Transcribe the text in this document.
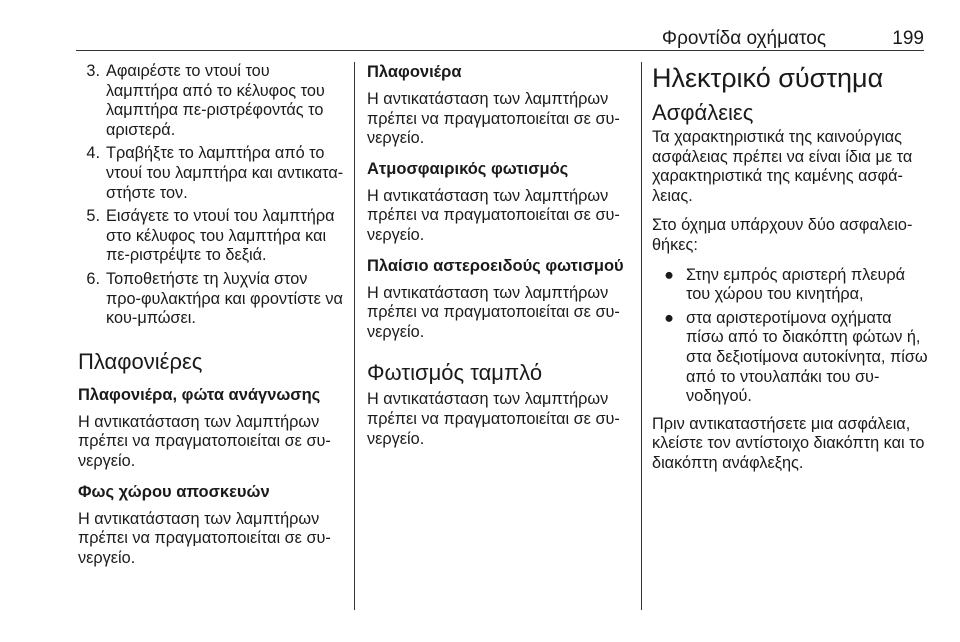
Φροντίδα οχήματος	199
3. Αφαιρέστε το ντουί του λαμπτήρα από το κέλυφος του λαμπτήρα πε-ριστρέφοντάς το αριστερά.
4. Τραβήξτε το λαμπτήρα από το ντουί του λαμπτήρα και αντικατα-στήστε τον.
5. Εισάγετε το ντουί του λαμπτήρα στο κέλυφος του λαμπτήρα και πε-ριστρέψτε το δεξιά.
6. Τοποθετήστε τη λυχνία στον προ-φυλακτήρα και φροντίστε να κου-μπώσει.

Πλαφονιέρες

Πλαφονιέρα, φώτα ανάγνωσης

Η αντικατάσταση των λαμπτήρων πρέπει να πραγματοποιείται σε συ-νεργείο.

Φως χώρου αποσκευών

Η αντικατάσταση των λαμπτήρων πρέπει να πραγματοποιείται σε συ-νεργείο.

Πλαφονιέρα

Η αντικατάσταση των λαμπτήρων πρέπει να πραγματοποιείται σε συ-νεργείο.

Ατμοσφαιρικός φωτισμός

Η αντικατάσταση των λαμπτήρων πρέπει να πραγματοποιείται σε συ-νεργείο.

Πλαίσιο αστεροειδούς φωτισμού

Η αντικατάσταση των λαμπτήρων πρέπει να πραγματοποιείται σε συ-νεργείο.

Φωτισμός ταμπλό

Η αντικατάσταση των λαμπτήρων πρέπει να πραγματοποιείται σε συ-νεργείο.

Ηλεκτρικό σύστημα

Ασφάλειες

Τα χαρακτηριστικά της καινούργιας ασφάλειας πρέπει να είναι ίδια με τα χαρακτηριστικά της καμένης ασφά-λειας.

Στο όχημα υπάρχουν δύο ασφαλειο-θήκες:

● Στην εμπρός αριστερή πλευρά του χώρου του κινητήρα,
● στα αριστεροτίμονα οχήματα πίσω από το διακόπτη φώτων ή, στα δεξιοτίμονα αυτοκίνητα, πίσω από το ντουλαπάκι του συ-νοδηγού.

Πριν αντικαταστήσετε μια ασφάλεια, κλείστε τον αντίστοιχο διακόπτη και το διακόπτη ανάφλεξης.
